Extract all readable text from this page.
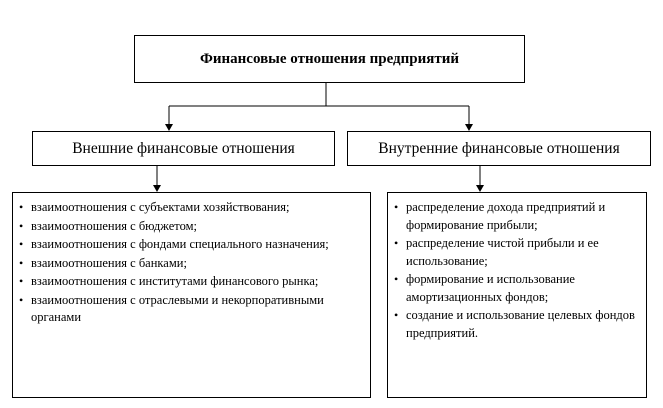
Финансовые отношения предприятий
Внешние финансовые отношения	Внутренние финансовые отношения
• взаимоотношения с субъектами хозяйствования;
• взаимоотношения с бюджетом;
• взаимоотношения с фондами специального назначения;
• взаимоотношения с банками;
• взаимоотношения с институтами финансового рынка;
• взаимоотношения с отраслевыми и некорпоративными органами
• распределение дохода предприятий и формирование прибыли;
• распределение чистой прибыли и ее использование;
• формирование и использование амортизационных фондов;
• создание и использование целевых фондов предприятий.
